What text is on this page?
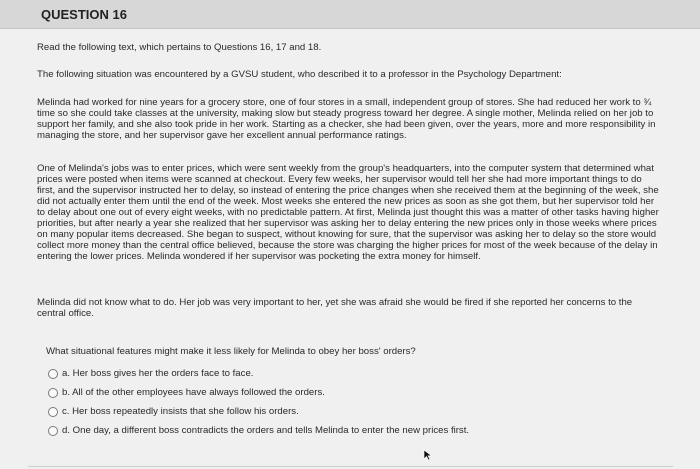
QUESTION 16
Read the following text, which pertains to Questions 16, 17 and 18.
The following situation was encountered by a GVSU student, who described it to a professor in the Psychology Department:
Melinda had worked for nine years for a grocery store, one of four stores in a small, independent group of stores. She had reduced her work to ¾ time so she could take classes at the university, making slow but steady progress toward her degree. A single mother, Melinda relied on her job to support her family, and she also took pride in her work. Starting as a checker, she had been given, over the years, more and more responsibility in managing the store, and her supervisor gave her excellent annual performance ratings.
One of Melinda's jobs was to enter prices, which were sent weekly from the group's headquarters, into the computer system that determined what prices were posted when items were scanned at checkout. Every few weeks, her supervisor would tell her she had more important things to do first, and the supervisor instructed her to delay, so instead of entering the price changes when she received them at the beginning of the week, she did not actually enter them until the end of the week. Most weeks she entered the new prices as soon as she got them, but her supervisor told her to delay about one out of every eight weeks, with no predictable pattern. At first, Melinda just thought this was a matter of other tasks having higher priorities, but after nearly a year she realized that her supervisor was asking her to delay entering the new prices only in those weeks where prices on many popular items decreased. She began to suspect, without knowing for sure, that the supervisor was asking her to delay so the store would collect more money than the central office believed, because the store was charging the higher prices for most of the week because of the delay in entering the lower prices. Melinda wondered if her supervisor was pocketing the extra money for himself.
Melinda did not know what to do. Her job was very important to her, yet she was afraid she would be fired if she reported her concerns to the central office.
What situational features might make it less likely for Melinda to obey her boss' orders?
a. Her boss gives her the orders face to face.
b. All of the other employees have always followed the orders.
c. Her boss repeatedly insists that she follow his orders.
d. One day, a different boss contradicts the orders and tells Melinda to enter the new prices first.
